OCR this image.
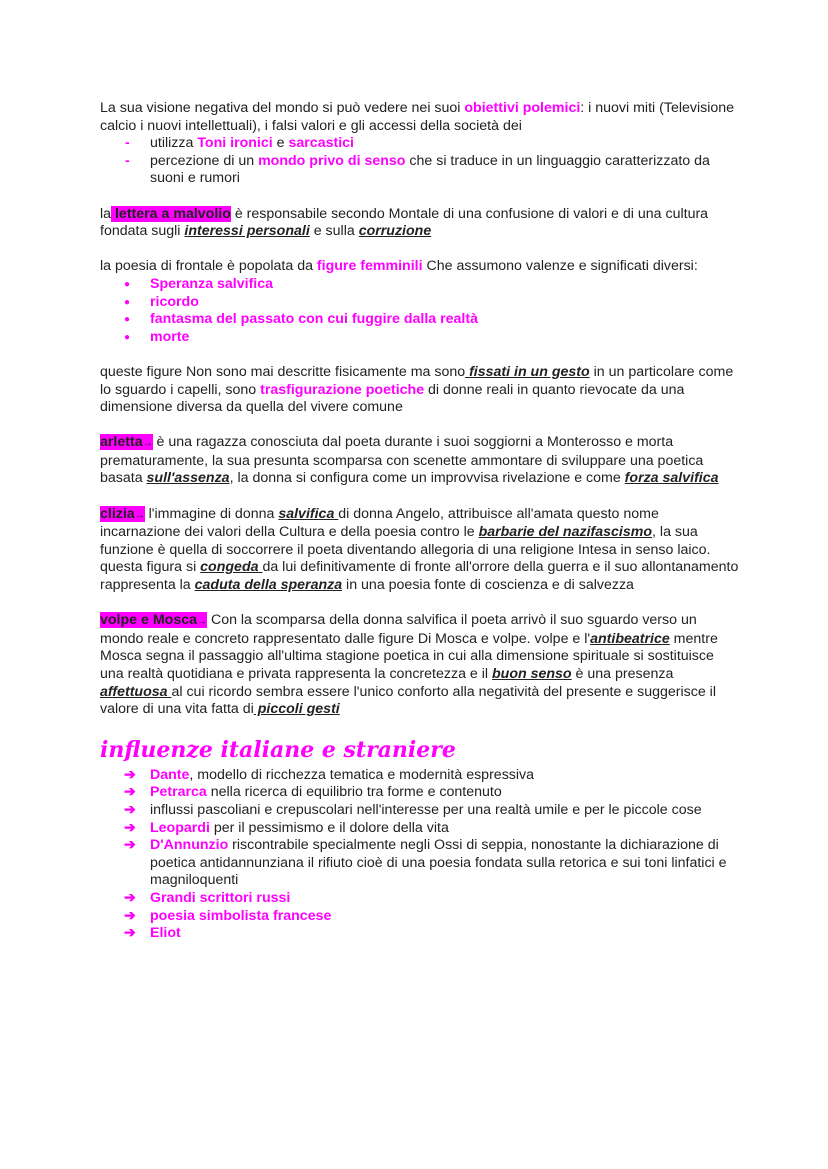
La sua visione negativa del mondo si può vedere nei suoi obiettivi polemici: i nuovi miti (Televisione calcio i nuovi intellettuali), i falsi valori e gli accessi della società dei

- utilizza Toni ironici e sarcastici
- percezione di un mondo privo di senso che si traduce in un linguaggio caratterizzato da suoni e rumori

la lettera a malvolio è responsabile secondo Montale di una confusione di valori e di una cultura fondata sugli interessi personali e sulla corruzione

la poesia di frontale è popolata da figure femminili Che assumono valenze e significati diversi:

● Speranza salvifica
● ricordo
● fantasma del passato con cui fuggire dalla realtà
● morte

queste figure Non sono mai descritte fisicamente ma sono fissati in un gesto in un particolare come lo sguardo i capelli, sono trasfigurazione poetiche di donne reali in quanto rievocate da una dimensione diversa da quella del vivere comune

arletta→ è una ragazza conosciuta dal poeta durante i suoi soggiorni a Monterosso e morta prematuramente, la sua presunta scomparsa con scenette ammontare di sviluppare una poetica basata sull'assenza, la donna si configura come un improvvisa rivelazione e come forza salvifica

clizia→ l'immagine di donna salvifica di donna Angelo, attribuisce all'amata questo nome incarnazione dei valori della Cultura e della poesia contro le barbarie del nazifascismo, la sua funzione è quella di soccorrere il poeta diventando allegoria di una religione Intesa in senso laico. questa figura si congeda da lui definitivamente di fronte all'orrore della guerra e il suo allontanamento rappresenta la caduta della speranza in una poesia fonte di coscienza e di salvezza

volpe e Mosca→ Con la scomparsa della donna salvifica il poeta arrivò il suo sguardo verso un mondo reale e concreto rappresentato dalle figure Di Mosca e volpe. volpe e l'antibeatrice mentre Mosca segna il passaggio all'ultima stagione poetica in cui alla dimensione spirituale si sostituisce una realtà quotidiana e privata rappresenta la concretezza e il buon senso è una presenza affettuosa al cui ricordo sembra essere l'unico conforto alla negatività del presente e suggerisce il valore di una vita fatta di piccoli gesti

influenze italiane e straniere
➔ Dante, modello di ricchezza tematica e modernità espressiva
➔ Petrarca nella ricerca di equilibrio tra forme e contenuto
➔ influssi pascoliani e crepuscolari nell'interesse per una realtà umile e per le piccole cose
➔ Leopardi per il pessimismo e il dolore della vita
➔ D'Annunzio riscontrabile specialmente negli Ossi di seppia, nonostante la dichiarazione di poetica antidannunziana il rifiuto cioè di una poesia fondata sulla retorica e sui toni linfatici e magniloquenti
➔ Grandi scrittori russi
➔ poesia simbolista francese
➔ Eliot
